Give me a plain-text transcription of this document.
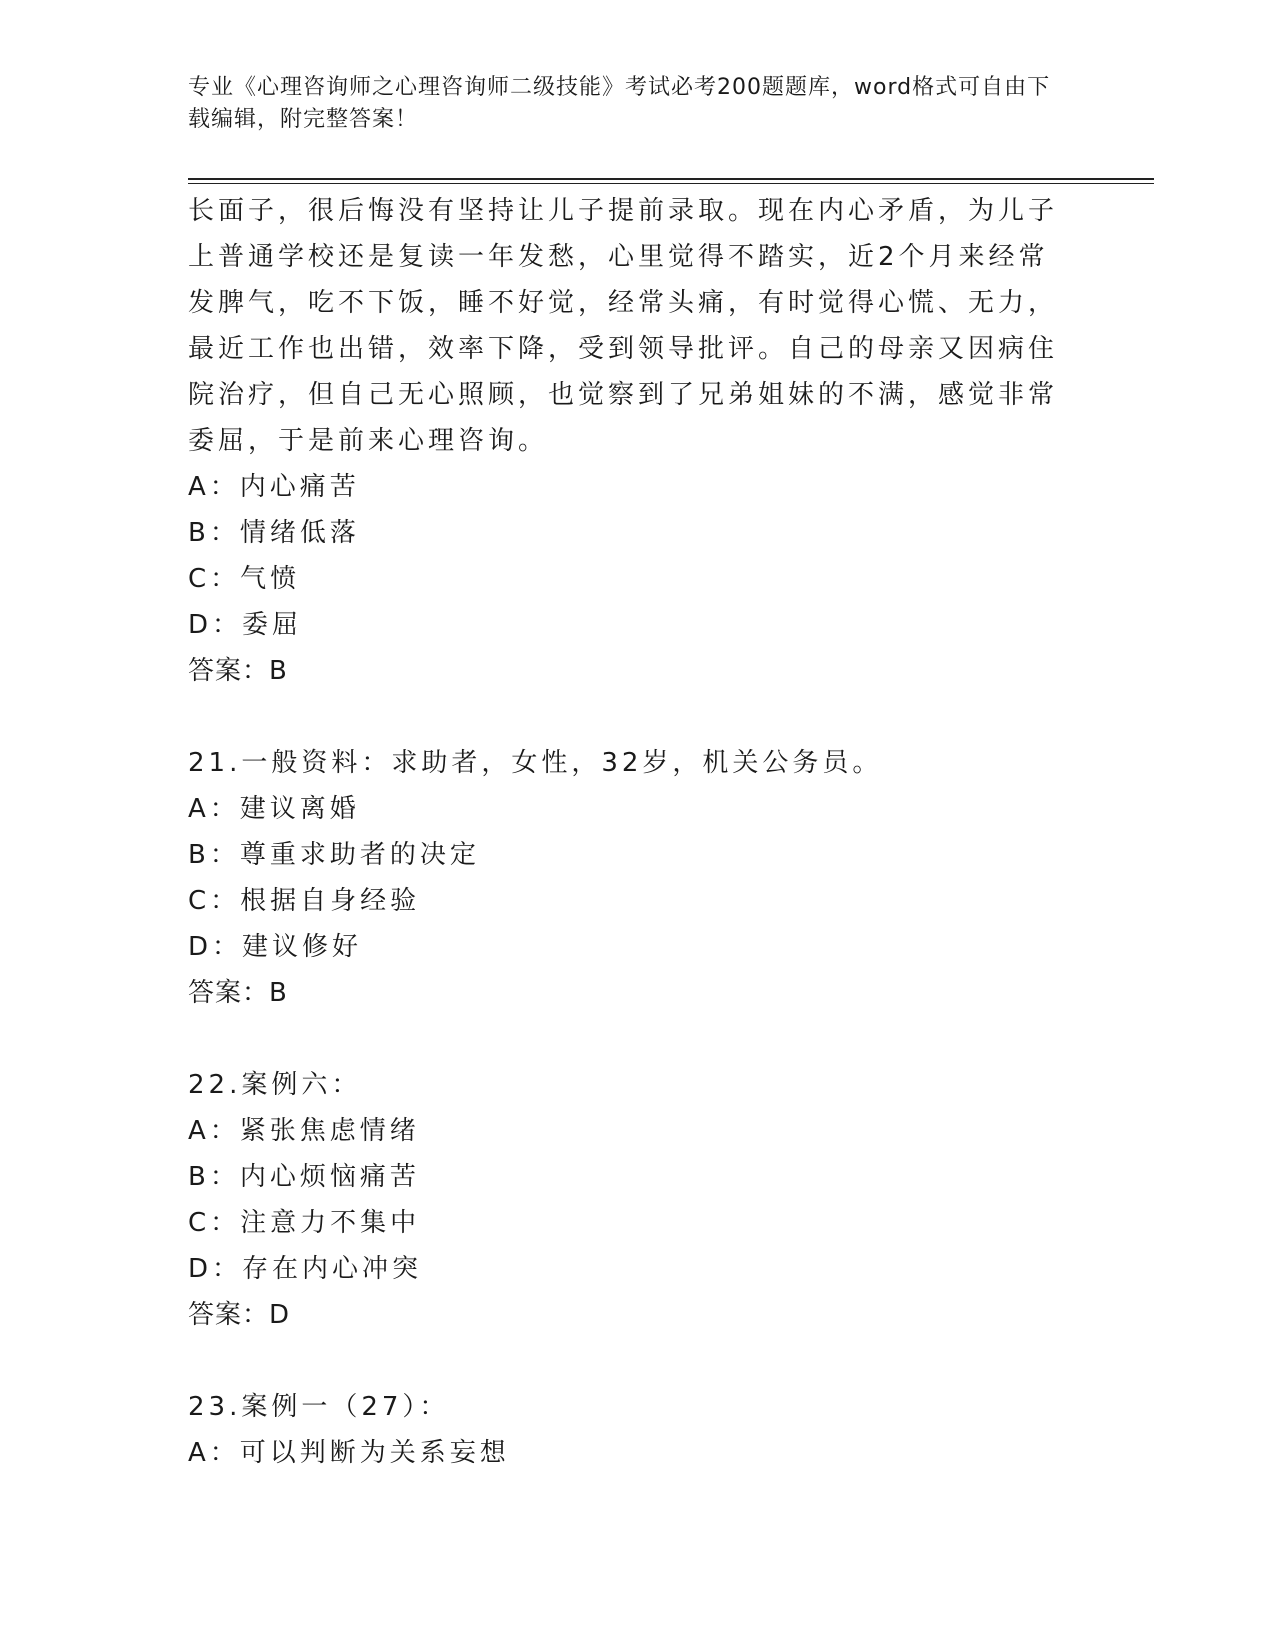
专业《心理咨询师之心理咨询师二级技能》考试必考200题题库，word格式可自由下载编辑，附完整答案！

长面子，很后悔没有坚持让儿子提前录取。现在内心矛盾，为儿子上普通学校还是复读一年发愁，心里觉得不踏实，近2个月来经常发脾气，吃不下饭，睡不好觉，经常头痛，有时觉得心慌、无力，最近工作也出错，效率下降，受到领导批评。自己的母亲又因病住院治疗，但自己无心照顾，也觉察到了兄弟姐妹的不满，感觉非常委屈，于是前来心理咨询。

A：内心痛苦
B：情绪低落
C：气愤
D：委屈
答案：B
21.一般资料：求助者，女性，32岁，机关公务员。
A：建议离婚
B：尊重求助者的决定
C：根据自身经验
D：建议修好
答案：B
22.案例六：
A：紧张焦虑情绪
B：内心烦恼痛苦
C：注意力不集中
D：存在内心冲突
答案：D
23.案例一（27）：
A：可以判断为关系妄想
